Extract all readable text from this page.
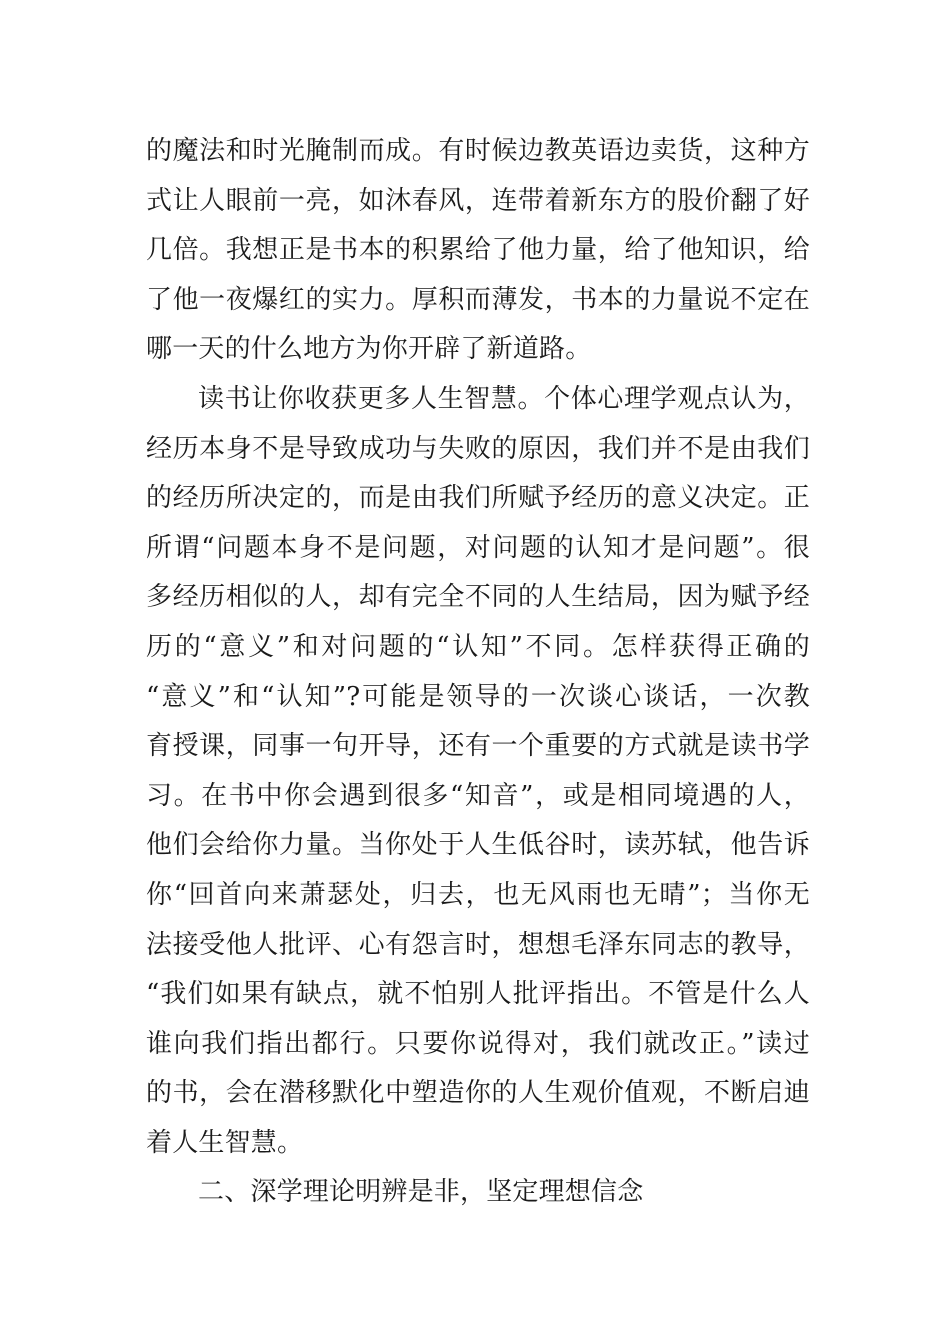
的魔法和时光腌制而成。有时候边教英语边卖货，这种方
式让人眼前一亮，如沐春风，连带着新东方的股价翻了好
几倍。我想正是书本的积累给了他力量，给了他知识，给
了他一夜爆红的实力。厚积而薄发，书本的力量说不定在
哪一天的什么地方为你开辟了新道路。
读书让你收获更多人生智慧。个体心理学观点认为，
经历本身不是导致成功与失败的原因，我们并不是由我们
的经历所决定的，而是由我们所赋予经历的意义决定。正
所谓“问题本身不是问题，对问题的认知才是问题”。很
多经历相似的人，却有完全不同的人生结局，因为赋予经
历的“意义”和对问题的“认知”不同。怎样获得正确的
“意义”和“认知”?可能是领导的一次谈心谈话，一次教
育授课，同事一句开导，还有一个重要的方式就是读书学
习。在书中你会遇到很多“知音”，或是相同境遇的人，
他们会给你力量。当你处于人生低谷时，读苏轼，他告诉
你“回首向来萧瑟处，归去，也无风雨也无晴”；当你无
法接受他人批评、心有怨言时，想想毛泽东同志的教导，
“我们如果有缺点，就不怕别人批评指出。不管是什么人
谁向我们指出都行。只要你说得对，我们就改正。”读过
的书，会在潜移默化中塑造你的人生观价值观，不断启迪
着人生智慧。
二、深学理论明辨是非，坚定理想信念
